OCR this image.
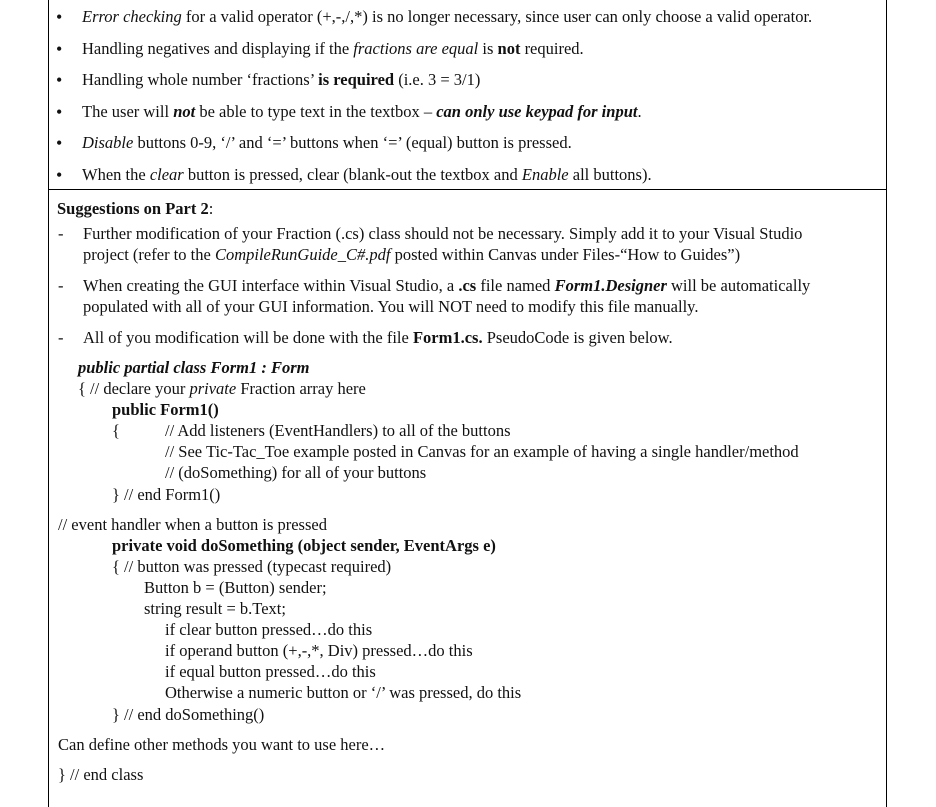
• Error checking for a valid operator (+,-,/,*) is no longer necessary, since user can only choose a valid operator.
• Handling negatives and displaying if the fractions are equal is not required.
• Handling whole number ‘fractions’ is required (i.e. 3 = 3/1)
• The user will not be able to type text in the textbox – can only use keypad for input.
• Disable buttons 0-9, ‘/’ and ‘=’ buttons when ‘=’ (equal) button is pressed.
• When the clear button is pressed, clear (blank-out the textbox and Enable all buttons).
Suggestions on Part 2:
- Further modification of your Fraction (.cs) class should not be necessary. Simply add it to your Visual Studio
project (refer to the CompileRunGuide_C#.pdf posted within Canvas under Files-“How to Guides”)
- When creating the GUI interface within Visual Studio, a .cs file named Form1.Designer will be automatically
populated with all of your GUI information. You will NOT need to modify this file manually.
- All of you modification will be done with the file Form1.cs. PseudoCode is given below.
public partial class Form1 : Form
{ // declare your private Fraction array here
public Form1()
{	// Add listeners (EventHandlers) to all of the buttons
// See Tic-Tac_Toe example posted in Canvas for an example of having a single handler/method
// (doSomething) for all of your buttons
} // end Form1()
// event handler when a button is pressed
private void doSomething (object sender, EventArgs e)
{ // button was pressed (typecast required)
Button b = (Button) sender;
string result = b.Text;
if clear button pressed…do this
if operand button (+,-,*, Div) pressed…do this
if equal button pressed…do this
Otherwise a numeric button or ‘/’ was pressed, do this
} // end doSomething()
Can define other methods you want to use here…
} // end class
